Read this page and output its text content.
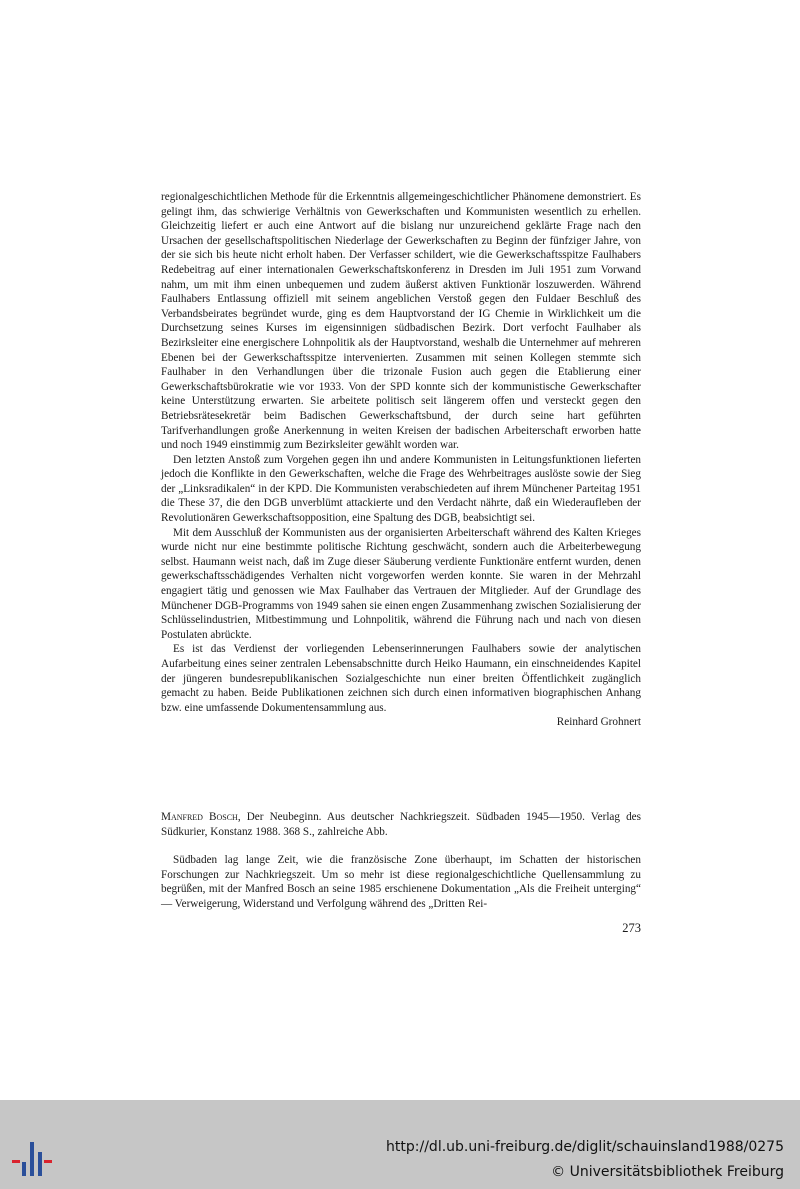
regionalgeschichtlichen Methode für die Erkenntnis allgemeingeschichtlicher Phänomene demonstriert. Es gelingt ihm, das schwierige Verhältnis von Gewerkschaften und Kommunisten wesentlich zu erhellen. Gleichzeitig liefert er auch eine Antwort auf die bislang nur unzureichend geklärte Frage nach den Ursachen der gesellschaftspolitischen Niederlage der Gewerkschaften zu Beginn der fünfziger Jahre, von der sie sich bis heute nicht erholt haben. Der Verfasser schildert, wie die Gewerkschaftsspitze Faulhabers Redebeitrag auf einer internationalen Gewerkschaftskonferenz in Dresden im Juli 1951 zum Vorwand nahm, um mit ihm einen unbequemen und zudem äußerst aktiven Funktionär loszuwerden. Während Faulhabers Entlassung offiziell mit seinem angeblichen Verstoß gegen den Fuldaer Beschluß des Verbandsbeirates begründet wurde, ging es dem Hauptvorstand der IG Chemie in Wirklichkeit um die Durchsetzung seines Kurses im eigensinnigen südbadischen Bezirk. Dort verfocht Faulhaber als Bezirksleiter eine energischere Lohnpolitik als der Hauptvorstand, weshalb die Unternehmer auf mehreren Ebenen bei der Gewerkschaftsspitze intervenierten. Zusammen mit seinen Kollegen stemmte sich Faulhaber in den Verhandlungen über die trizonale Fusion auch gegen die Etablierung einer Gewerkschaftsbürokratie wie vor 1933. Von der SPD konnte sich der kommunistische Gewerkschafter keine Unterstützung erwarten. Sie arbeitete politisch seit längerem offen und versteckt gegen den Betriebsrätesekretär beim Badischen Gewerkschaftsbund, der durch seine hart geführten Tarifverhandlungen große Anerkennung in weiten Kreisen der badischen Arbeiterschaft erworben hatte und noch 1949 einstimmig zum Bezirksleiter gewählt worden war.

Den letzten Anstoß zum Vorgehen gegen ihn und andere Kommunisten in Leitungsfunktionen lieferten jedoch die Konflikte in den Gewerkschaften, welche die Frage des Wehrbeitrages auslöste sowie der Sieg der „Linksradikalen“ in der KPD. Die Kommunisten verabschiedeten auf ihrem Münchener Parteitag 1951 die These 37, die den DGB unverblümt attackierte und den Verdacht nährte, daß ein Wiederaufleben der Revolutionären Gewerkschaftsopposition, eine Spaltung des DGB, beabsichtigt sei.

Mit dem Ausschluß der Kommunisten aus der organisierten Arbeiterschaft während des Kalten Krieges wurde nicht nur eine bestimmte politische Richtung geschwächt, sondern auch die Arbeiterbewegung selbst. Haumann weist nach, daß im Zuge dieser Säuberung verdiente Funktionäre entfernt wurden, denen gewerkschaftsschädigendes Verhalten nicht vorgeworfen werden konnte. Sie waren in der Mehrzahl engagiert tätig und genossen wie Max Faulhaber das Vertrauen der Mitglieder. Auf der Grundlage des Münchener DGB-Programms von 1949 sahen sie einen engen Zusammenhang zwischen Sozialisierung der Schlüsselindustrien, Mitbestimmung und Lohnpolitik, während die Führung nach und nach von diesen Postulaten abrückte.

Es ist das Verdienst der vorliegenden Lebenserinnerungen Faulhabers sowie der analytischen Aufarbeitung eines seiner zentralen Lebensabschnitte durch Heiko Haumann, ein einschneidendes Kapitel der jüngeren bundesrepublikanischen Sozialgeschichte nun einer breiten Öffentlichkeit zugänglich gemacht zu haben. Beide Publikationen zeichnen sich durch einen informativen biographischen Anhang bzw. eine umfassende Dokumentensammlung aus.

Reinhard Grohnert

Manfred Bosch, Der Neubeginn. Aus deutscher Nachkriegszeit. Südbaden 1945—1950. Verlag des Südkurier, Konstanz 1988. 368 S., zahlreiche Abb.

Südbaden lag lange Zeit, wie die französische Zone überhaupt, im Schatten der historischen Forschungen zur Nachkriegszeit. Um so mehr ist diese regionalgeschichtliche Quellensammlung zu begrüßen, mit der Manfred Bosch an seine 1985 erschienene Dokumentation „Als die Freiheit unterging“ — Verweigerung, Widerstand und Verfolgung während des „Dritten Rei-

273
http://dl.ub.uni-freiburg.de/diglit/schauinsland1988/0275
© Universitätsbibliothek Freiburg
